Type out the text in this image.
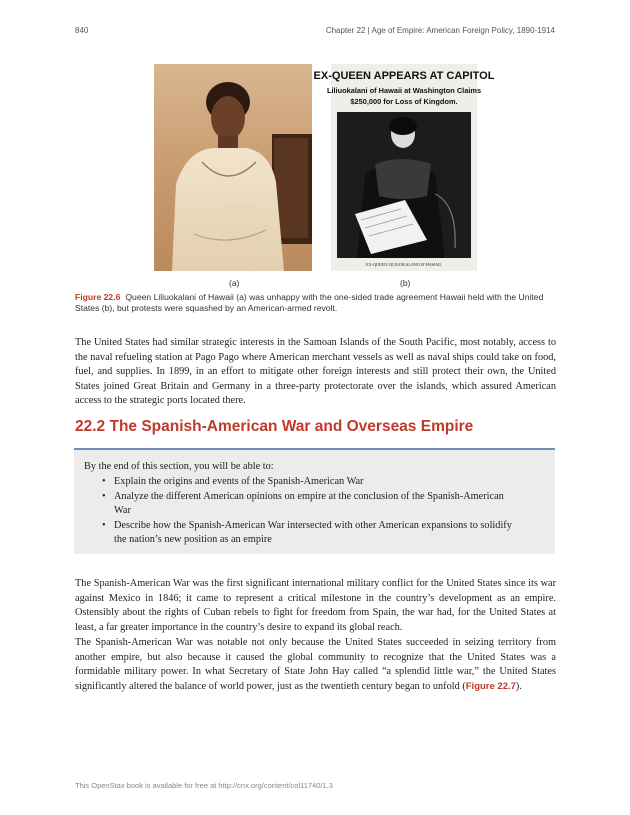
840	Chapter 22 | Age of Empire: American Foreign Policy, 1890-1914
EX-QUEEN APPEARS AT CAPITOL
Liliuokalani of Hawaii at Washington Claims
$250,000 for Loss of Kingdom.
EX-QUEEN LILIUOKALANI OF HAWAII.
(a)	(b)
Figure 22.6 Queen Liliuokalani of Hawaii (a) was unhappy with the one-sided trade agreement Hawaii held with the United States (b), but protests were squashed by an American-armed revolt.

The United States had similar strategic interests in the Samoan Islands of the South Pacific, most notably, access to the naval refueling station at Pago Pago where American merchant vessels as well as naval ships could take on food, fuel, and supplies. In 1899, in an effort to mitigate other foreign interests and still protect their own, the United States joined Great Britain and Germany in a three-party protectorate over the islands, which assured American access to the strategic ports located there.

22.2 The Spanish-American War and Overseas Empire
By the end of this section, you will be able to:
• Explain the origins and events of the Spanish-American War
• Analyze the different American opinions on empire at the conclusion of the Spanish-American War
• Describe how the Spanish-American War intersected with other American expansions to solidify the nation’s new position as an empire

The Spanish-American War was the first significant international military conflict for the United States since its war against Mexico in 1846; it came to represent a critical milestone in the country’s development as an empire. Ostensibly about the rights of Cuban rebels to fight for freedom from Spain, the war had, for the United States at least, a far greater importance in the country’s desire to expand its global reach.

The Spanish-American War was notable not only because the United States succeeded in seizing territory from another empire, but also because it caused the global community to recognize that the United States was a formidable military power. In what Secretary of State John Hay called “a splendid little war,” the United States significantly altered the balance of world power, just as the twentieth century began to unfold (Figure 22.7).

This OpenStax book is available for free at http://cnx.org/content/col11740/1.3
